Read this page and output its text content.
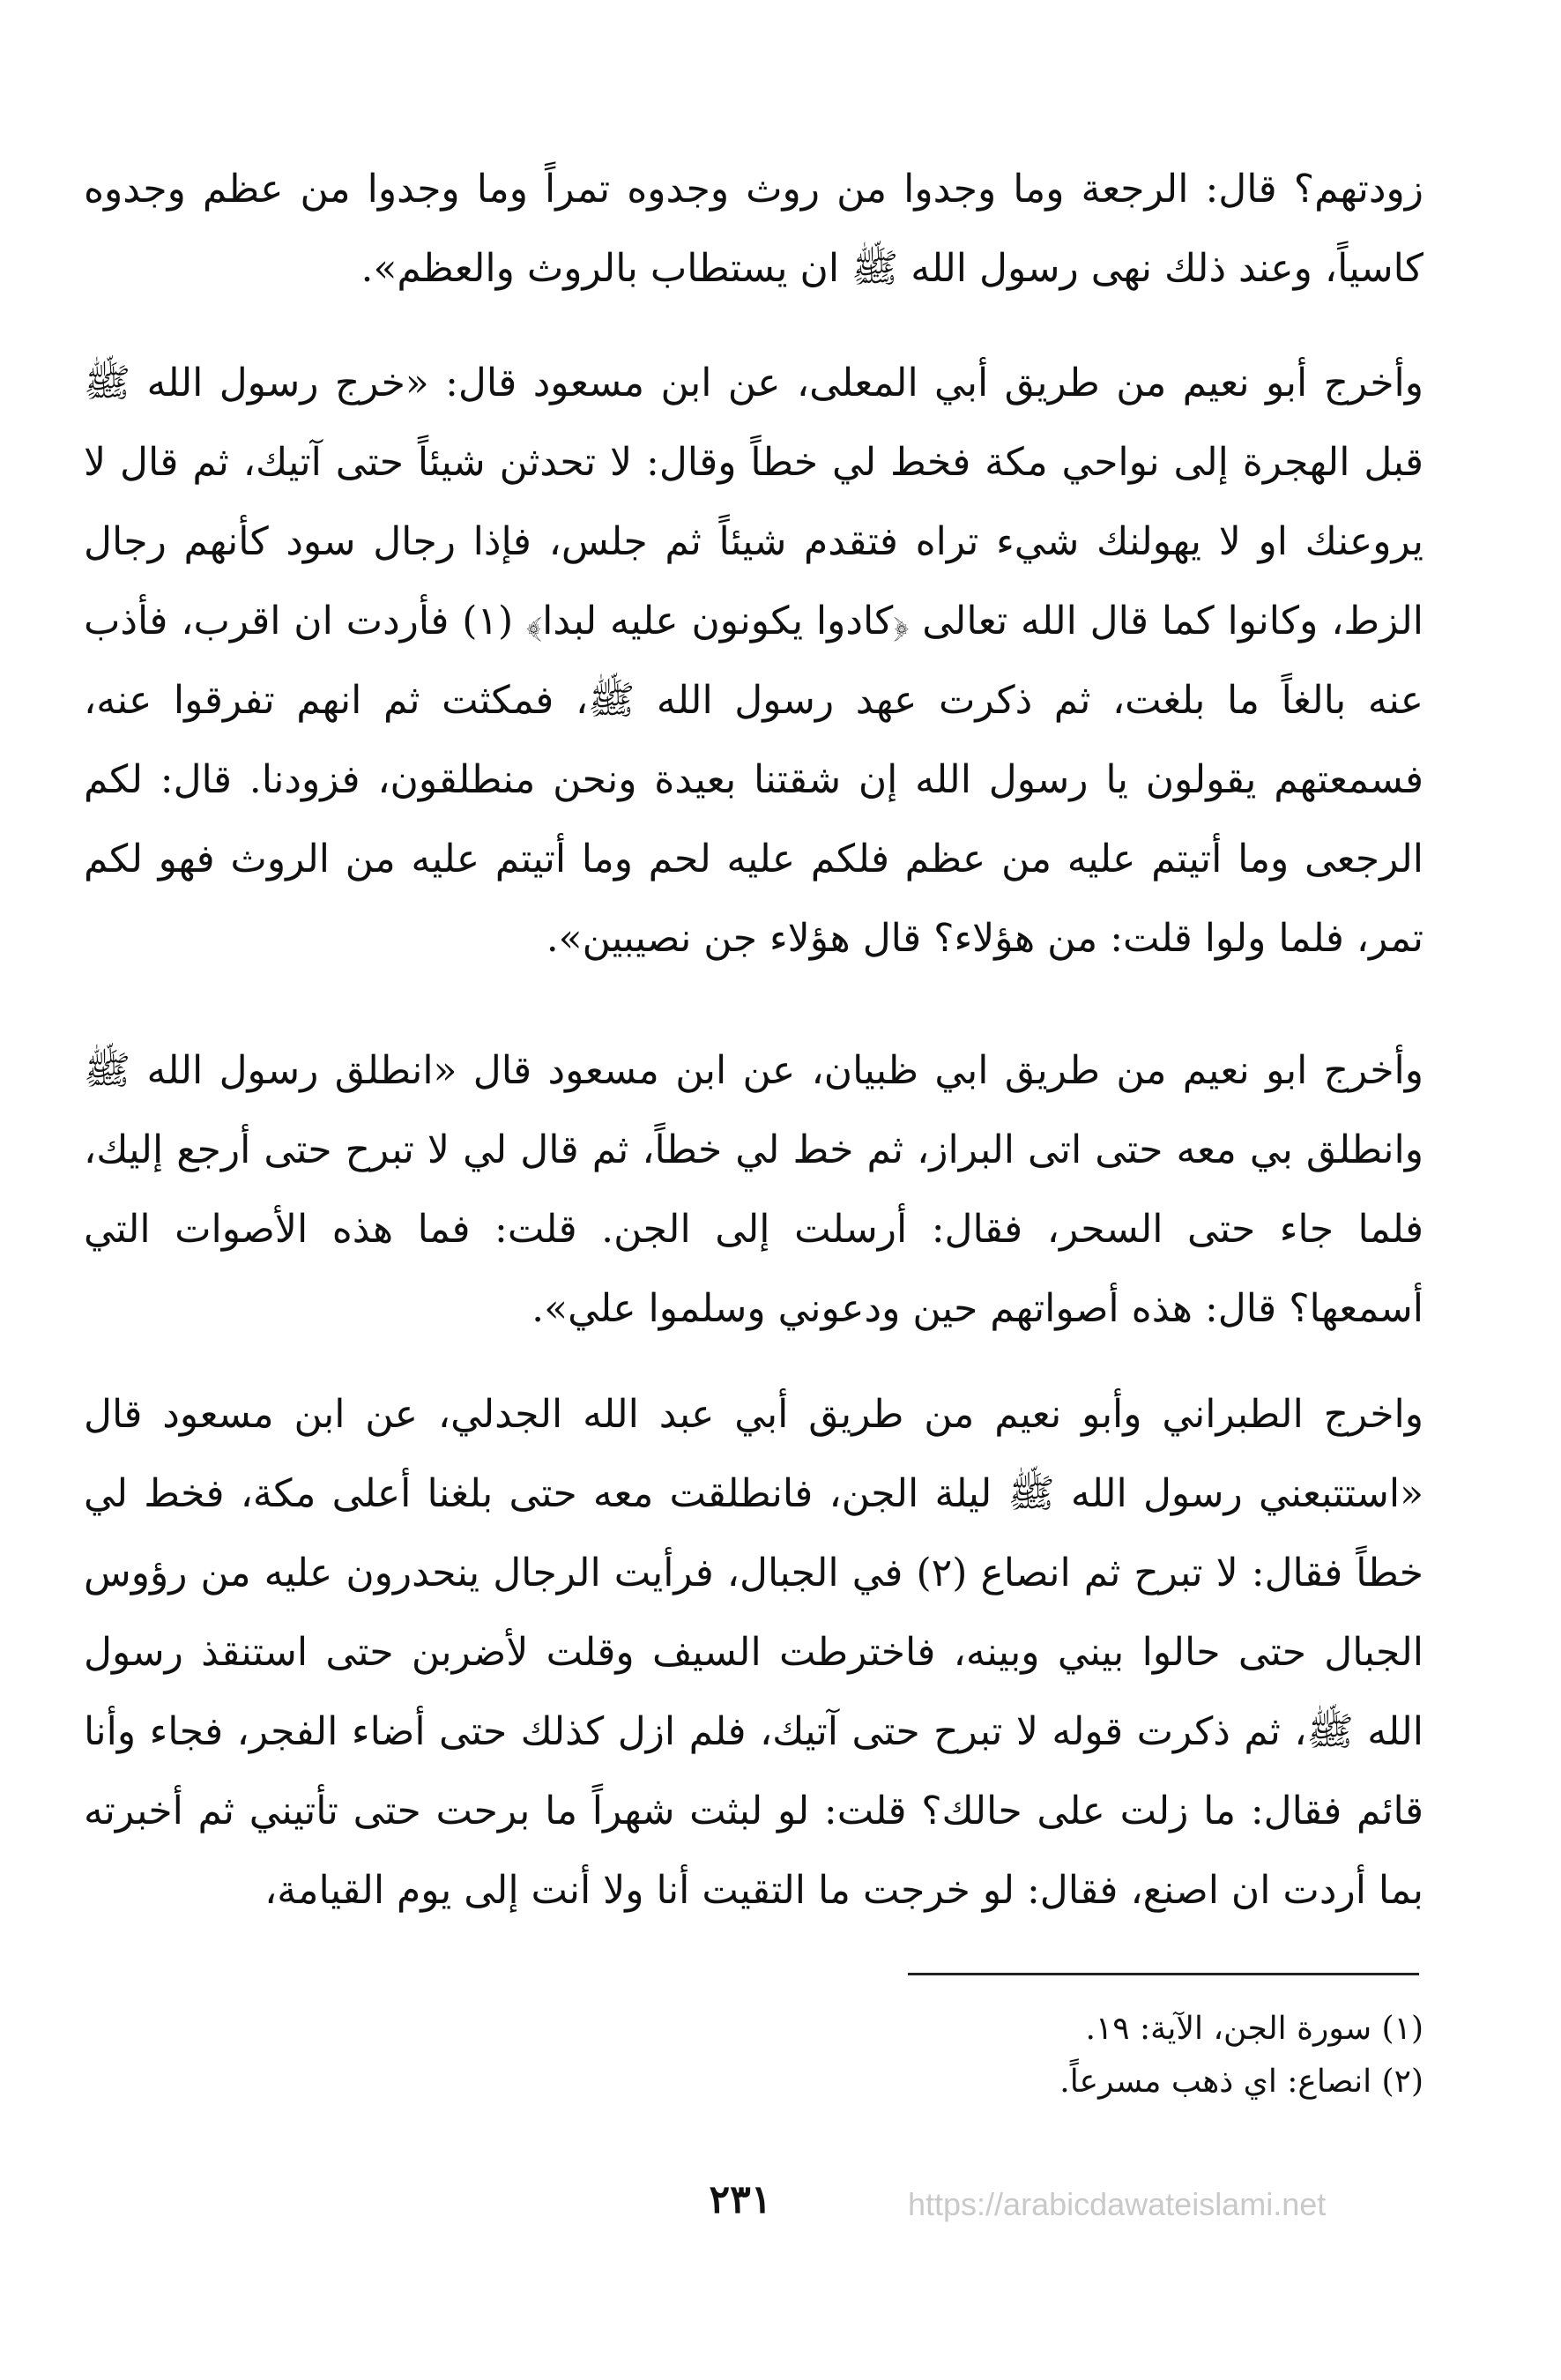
زودتهم؟ قال: الرجعة وما وجدوا من روث وجدوه تمراً وما وجدوا من عظم وجدوه كاسياً، وعند ذلك نهى رسول الله ﷺ ان يستطاب بالروث والعظم».

وأخرج أبو نعيم من طريق أبي المعلى، عن ابن مسعود قال: «خرج رسول الله ﷺ قبل الهجرة إلى نواحي مكة فخط لي خطاً وقال: لا تحدثن شيئاً حتى آتيك، ثم قال لا يروعنك او لا يهولنك شيء تراه فتقدم شيئاً ثم جلس، فإذا رجال سود كأنهم رجال الزط، وكانوا كما قال الله تعالى ﴿كادوا يكونون عليه لبدا﴾ (١) فأردت ان اقرب، فأذب عنه بالغاً ما بلغت، ثم ذكرت عهد رسول الله ﷺ، فمكثت ثم انهم تفرقوا عنه، فسمعتهم يقولون يا رسول الله إن شقتنا بعيدة ونحن منطلقون، فزودنا. قال: لكم الرجعى وما أتيتم عليه من عظم فلكم عليه لحم وما أتيتم عليه من الروث فهو لكم تمر، فلما ولوا قلت: من هؤلاء؟ قال هؤلاء جن نصيبين».

وأخرج ابو نعيم من طريق ابي ظبيان، عن ابن مسعود قال «انطلق رسول الله ﷺ وانطلق بي معه حتى اتى البراز، ثم خط لي خطاً، ثم قال لي لا تبرح حتى أرجع إليك، فلما جاء حتى السحر، فقال: أرسلت إلى الجن. قلت: فما هذه الأصوات التي أسمعها؟ قال: هذه أصواتهم حين ودعوني وسلموا علي».

واخرج الطبراني وأبو نعيم من طريق أبي عبد الله الجدلي، عن ابن مسعود قال «استتبعني رسول الله ﷺ ليلة الجن، فانطلقت معه حتى بلغنا أعلى مكة، فخط لي خطاً فقال: لا تبرح ثم انصاع (٢) في الجبال، فرأيت الرجال ينحدرون عليه من رؤوس الجبال حتى حالوا بيني وبينه، فاخترطت السيف وقلت لأضربن حتى استنقذ رسول الله ﷺ، ثم ذكرت قوله لا تبرح حتى آتيك، فلم ازل كذلك حتى أضاء الفجر، فجاء وأنا قائم فقال: ما زلت على حالك؟ قلت: لو لبثت شهراً ما برحت حتى تأتيني ثم أخبرته بما أردت ان اصنع، فقال: لو خرجت ما التقيت أنا ولا أنت إلى يوم القيامة،

(١) سورة الجن، الآية: ١٩.
(٢) انصاع: اي ذهب مسرعاً.
٢٣١	https://arabicdawateislami.net
